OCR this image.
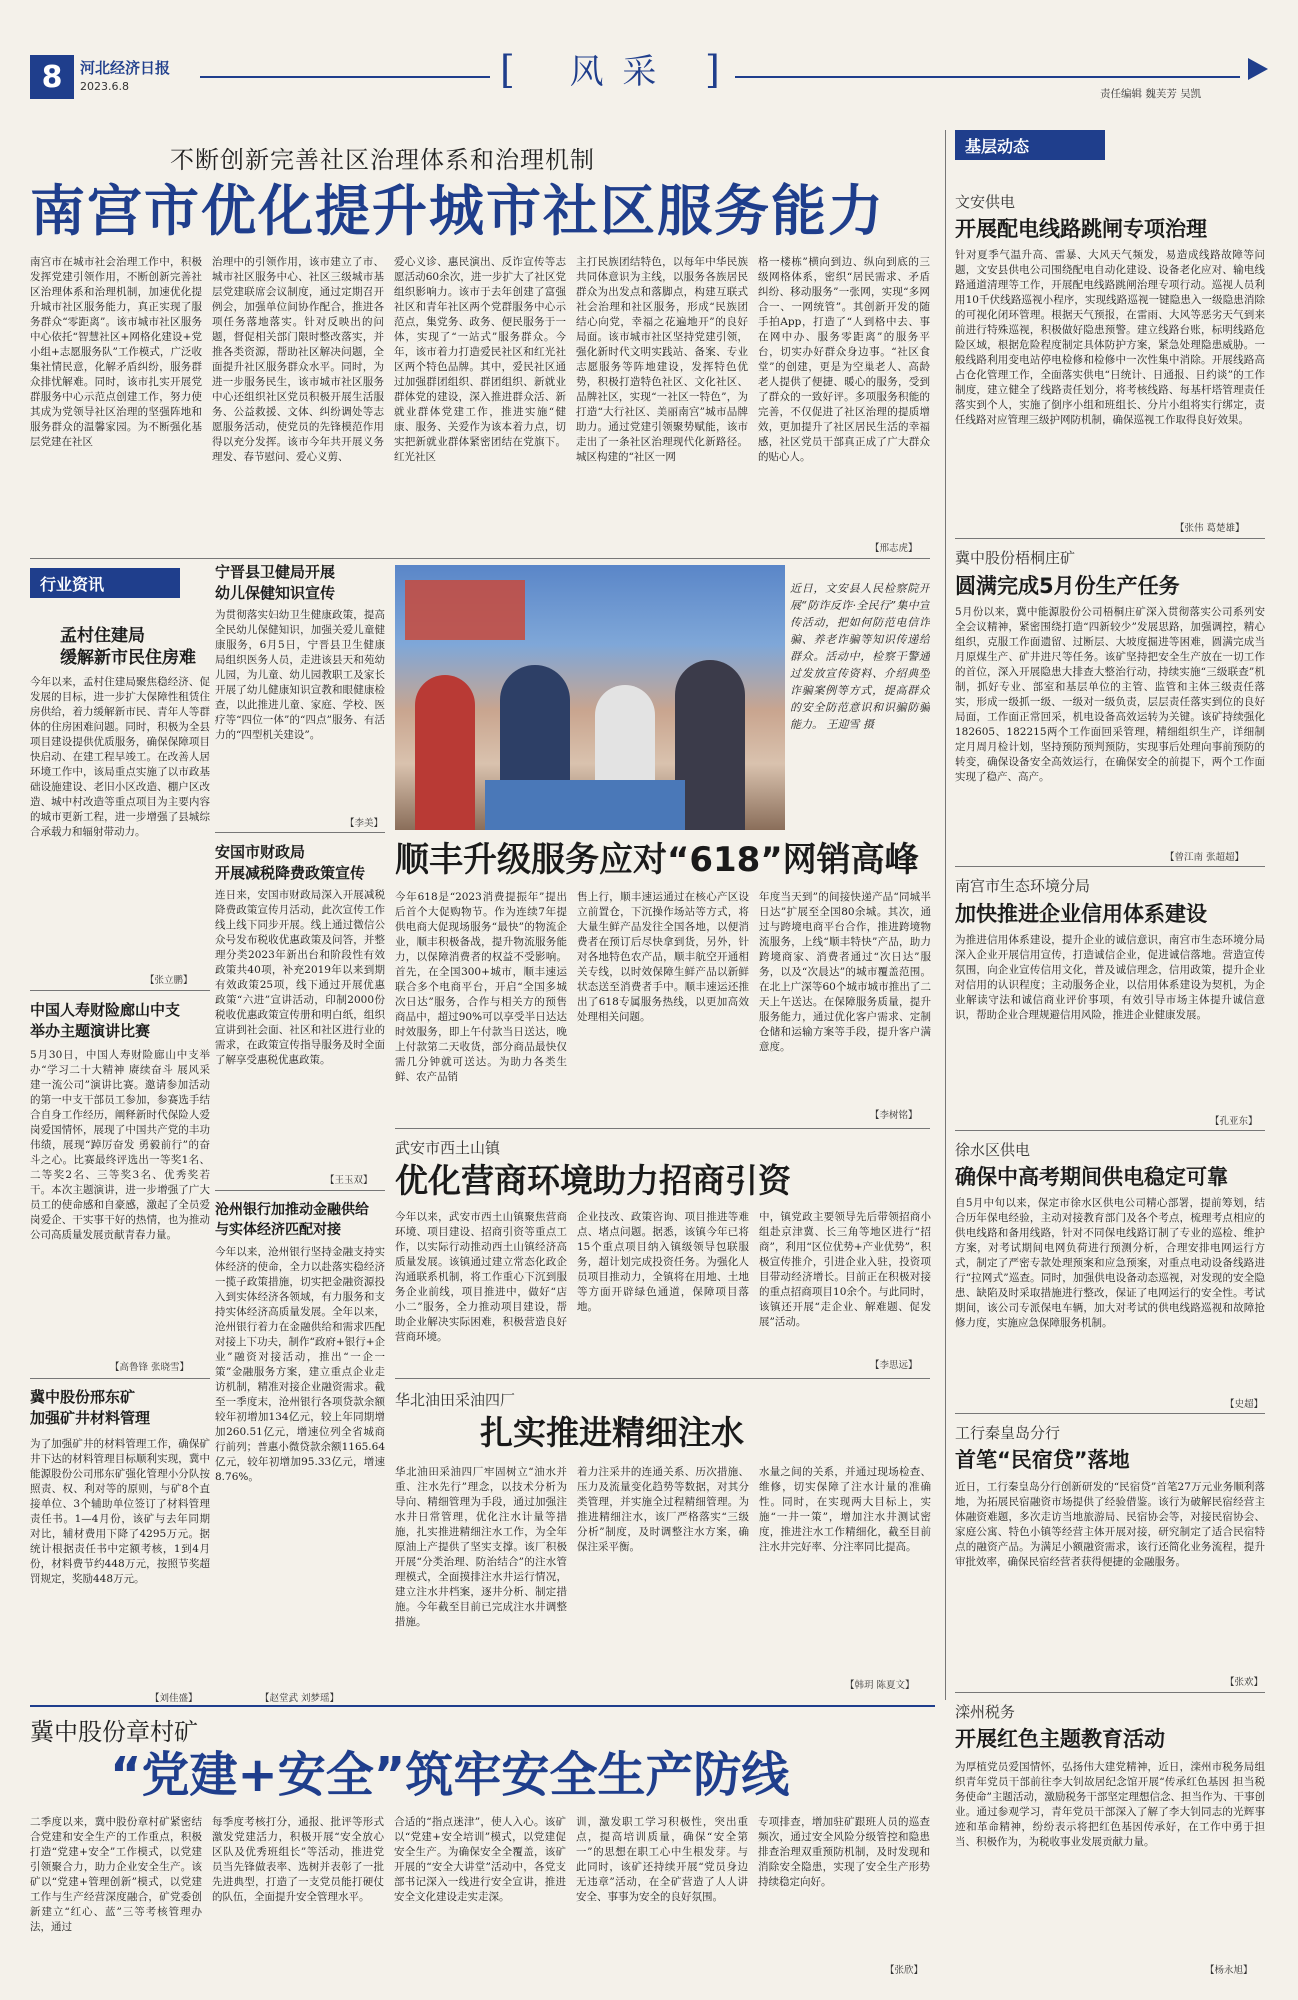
8	河北经济日报
2023.6.8	[	风 采	]
责任编辑 魏芙芳 吴凯
不断创新完善社区治理体系和治理机制
南宫市优化提升城市社区服务能力
南宫市在城市社会治理工作中，积极发挥党建引领作用，不断创新完善社区治理体系和治理机制，加速优化提升城市社区服务能力，真正实现了服务群众“零距离”。该市城市社区服务中心依托“智慧社区+网格化建设+党小组+志愿服务队”工作模式，广泛收集社情民意，化解矛盾纠纷，服务群众排忧解难。同时，该市扎实开展党群服务中心示范点创建工作，努力使其成为党领导社区治理的坚强阵地和服务群众的温馨家园。为不断强化基层党建在社区
治理中的引领作用，该市建立了市、城市社区服务中心、社区三级城市基层党建联席会议制度，通过定期召开例会，加强单位间协作配合，推进各项任务落地落实。针对反映出的问题，督促相关部门限时整改落实，并推各类资源，帮助社区解决问题，全面提升社区服务群众水平。同时，为进一步服务民生，该市城市社区服务中心还组织社区党员积极开展生活服务、公益救援、文体、纠纷调处等志愿服务活动，使党员的先锋模范作用得以充分发挥。该市今年共开展义务理发、春节慰问、爱心义剪、
爱心义诊、惠民演出、反诈宣传等志愿活动60余次，进一步扩大了社区党组织影响力。该市于去年创建了富强社区和青年社区两个党群服务中心示范点，集党务、政务、便民服务于一体，实现了“一站式”服务群众。今年，该市着力打造爱民社区和红光社区两个特色品牌。其中，爱民社区通过加强群团组织、群团组织、新就业群体党的建设，深入推进群众活、新就业群体党建工作，推进实施“健康、服务、关爱作为该本着力点，切实把新就业群体紧密团结在党旗下。红光社区
主打民族团结特色，以每年中华民族共同体意识为主线，以服务各族居民群众为出发点和落脚点，构建互联式社会治理和社区服务，形成“民族团结心向党，幸福之花遍地开”的良好局面。该市城市社区坚持党建引领，强化新时代文明实践站、备案、专业志愿服务等阵地建设，发挥特色优势，积极打造特色社区、文化社区、品牌社区，实现“一社区一特色”，为打造“大行社区、美丽南宫”城市品牌助力。通过党建引领聚势赋能，该市走出了一条社区治理现代化新路径。城区构建的“社区一网
格一楼栋”横向到边、纵向到底的三级网格体系，密织“居民需求、矛盾纠纷、移动服务”一张网，实现“多网合一、一网统管”。其创新开发的随手拍App，打造了“人到格中去、事在网中办、服务零距离”的服务平台，切实办好群众身边事。“社区食堂”的创建，更是为空巢老人、高龄老人提供了便捷、暖心的服务，受到了群众的一致好评。多项服务积能的完善，不仅促进了社区治理的提质增效，更加提升了社区居民生活的幸福感，社区党员干部真正成了广大群众的贴心人。
【邢志虎】
行业资讯
孟村住建局
缓解新市民住房难
今年以来，孟村住建局聚焦稳经济、促发展的目标，进一步扩大保障性租赁住房供给，着力缓解新市民、青年人等群体的住房困难问题。同时，积极为全县项目建设提供优质服务，确保保障项目快启动、在建工程早竣工。在改善人居环境工作中，该局重点实施了以市政基础设施建设、老旧小区改造、棚户区改造、城中村改造等重点项目为主要内容的城市更新工程，进一步增强了县城综合承载力和辐射带动力。
【张立鹏】
中国人寿财险廊山中支
举办主题演讲比赛
5月30日，中国人寿财险廊山中支举办“学习二十大精神 赓续奋斗 展风采 建一流公司”演讲比赛。邀请参加活动的第一中支干部员工参加，参赛选手结合自身工作经历，阐释新时代保险人爱岗爱国情怀，展现了中国共产党的丰功伟绩，展现“踔厉奋发 勇毅前行”的奋斗之心。比赛最终评选出一等奖1名、二等奖2名、三等奖3名、优秀奖若干。本次主题演讲，进一步增强了广大员工的使命感和自豪感，激起了全员爱岗爱企、干实事干好的热情，也为推动公司高质量发展贡献青春力量。
【高鲁锋 张晓雪】
冀中股份邢东矿
加强矿井材料管理
为了加强矿井的材料管理工作，确保矿井下达的材料管理目标顺利实现，冀中能源股份公司邢东矿强化管理小分队按照责、权、利对等的原则，与矿8个直接单位、3个辅助单位签订了材料管理责任书。1—4月份，该矿与去年同期对比，辅材费用下降了4295万元。据统计根据责任书中定额考核，1到4月份，材料费节约448万元，按照节奖超罚规定，奖励448万元。
【刘佳盛】
宁晋县卫健局开展
幼儿保健知识宣传
为贯彻落实妇幼卫生健康政策，提高全民幼儿保健知识，加强关爱儿童健康服务，6月5日，宁晋县卫生健康局组织医务人员，走进该县天和苑幼儿园，为儿童、幼儿园教职工及家长开展了幼儿健康知识宣教和眼健康检查，以此推进儿童、家庭、学校、医疗等“四位一体”的“四点”服务、有活力的“四型机关建设”。
【李美】
安国市财政局
开展减税降费政策宣传
连日来，安国市财政局深入开展减税降费政策宣传月活动，此次宣传工作线上线下同步开展。线上通过微信公众号发布税收优惠政策及问答，并整理分类2023年新出台和阶段性有效政策共40项，补充2019年以来到期有效政策25项，线下通过开展优惠政策“六进”宣讲活动，印制2000份税收优惠政策宣传册和明白纸，组织宣讲到社会面、社区和社区进行业的需求，在政策宣传指导服务及时全面了解享受惠税优惠政策。
【王玉双】
沧州银行加推动金融供给
与实体经济匹配对接
今年以来，沧州银行坚持金融支持实体经济的使命，全力以赴落实稳经济一揽子政策措施，切实把金融资源投入到实体经济各领域，有力服务和支持实体经济高质量发展。全年以来，沧州银行着力在金融供给和需求匹配对接上下功夫，制作“政府+银行+企业”融资对接活动，推出“一企一策”金融服务方案，建立重点企业走访机制，精准对接企业融资需求。截至一季度末，沧州银行各项贷款余额较年初增加134亿元，较上年同期增加260.51亿元，增速位列全省城商行前列；普惠小微贷款余额1165.64亿元，较年初增加95.33亿元，增速8.76%。
【赵堂武 刘梦瑶】
近日，文安县人民检察院开展“防诈反诈·全民行”集中宣传活动，把如何防范电信诈骗、养老诈骗等知识传递给群众。活动中，检察干警通过发放宣传资料、介绍典型诈骗案例等方式，提高群众的安全防范意识和识骗防骗能力。 王迎雪 摄
顺丰升级服务应对“618”网销高峰
今年618是“2023消费提振年”提出后首个大促购物节。作为连续7年提供电商大促现场服务“最快”的物流企业，顺丰积极备战，提升物流服务能力，以保障消费者的权益不受影响。首先，在全国300+城市，顺丰速运联合多个电商平台，开启“全国多城次日达”服务，合作与相关方的预售商品中，超过90%可以享受半日达达时效服务，即上午付款当日送达，晚上付款第二天收货，部分商品最快仅需几分钟就可送达。为助力各类生鲜、农产品销
售上行，顺丰速运通过在核心产区设立前置仓，下沉操作场站等方式，将大量生鲜产品发往全国各地，以便消费者在预订后尽快拿到货，另外，针对各地特色农产品，顺丰航空开通相关专线，以时效保障生鲜产品以新鲜状态送至消费者手中。顺丰速运还推出了618专属服务热线，以更加高效处理相关问题。
年度当天到”的间接快递产品“同城半日达”扩展至全国80余城。其次，通过与跨境电商平台合作，推进跨境物流服务，上线“顺丰特快”产品，助力跨境商家、消费者通过“次日达”服务，以及“次晨达”的城市覆盖范围。在北上广深等60个城市城市推出了二天上午送达。在保障服务质量，提升服务能力，通过优化客户需求、定制仓储和运输方案等手段，提升客户满意度。
【李树铭】
武安市西土山镇
优化营商环境助力招商引资
今年以来，武安市西土山镇聚焦营商环境、项目建设、招商引资等重点工作，以实际行动推动西土山镇经济高质量发展。该镇通过建立常态化政企沟通联系机制，将工作重心下沉到服务企业前线，项目推进中，做好“店小二”服务，全力推动项目建设，帮助企业解决实际困难，积极营造良好营商环境。
企业技改、政策咨询、项目推进等难点、堵点问题。据悉，该镇今年已将15个重点项目纳入镇级领导包联服务，超计划完成投资任务。为强化人员项目推动力，全镇将在用地、土地等方面开辟绿色通道，保障项目落地。
中，镇党政主要领导先后带领招商小组赴京津冀、长三角等地区进行“招商”，利用“区位优势+产业优势”，积极宣传推介，引进企业入驻，投资项目带动经济增长。目前正在积极对接的重点招商项目10余个。与此同时，该镇还开展“走企业、解难题、促发展”活动。
【李思远】
华北油田采油四厂
扎实推进精细注水
华北油田采油四厂牢固树立“油水并重、注水先行”理念，以技术分析为导向、精细管理为手段，通过加强注水井日常管理，优化注水计量等措施，扎实推进精细注水工作，为全年原油上产提供了坚实支撑。该厂积极开展“分类治理、防治结合”的注水管理模式，全面摸排注水井运行情况，建立注水井档案，逐井分析、制定措施。今年截至目前已完成注水井调整措施。
着力注采井的连通关系、历次措施、压力及流量变化趋势等数据，对其分类管理，并实施全过程精细管理。为推进精细注水，该厂严格落实“三级分析”制度，及时调整注水方案，确保注采平衡。
水量之间的关系，并通过现场检查、维修，切实保障了注水计量的准确性。同时，在实现两大目标上，实施“一井一策”，增加注水井测试密度，推进注水工作精细化，截至目前注水井完好率、分注率同比提高。
【韩玥 陈夏文】
冀中股份章村矿
“党建+安全”筑牢安全生产防线
二季度以来，冀中股份章村矿紧密结合党建和安全生产的工作重点，积极打造“党建+安全”工作模式，以党建引领聚合力，助力企业安全生产。该矿以“党建+管理创新”模式，以党建工作与生产经营深度融合，矿党委创新建立“红心、蓝”三等考核管理办法，通过
每季度考核打分，通报、批评等形式激发党建活力，积极开展“安全放心区队及优秀班组长”等活动，推进党员当先锋做表率、选树并表彰了一批先进典型，打造了一支党员能打硬仗的队伍，全面提升安全管理水平。
合适的“指点迷津”，使人入心。该矿以“党建+安全培训”模式，以党建促安全生产。为确保安全全覆盖，该矿开展的“安全大讲堂”活动中，各党支部书记深入一线进行安全宣讲，推进安全文化建设走实走深。
训，激发职工学习积极性，突出重点，提高培训质量，确保“安全第一”的思想在职工心中生根发芽。与此同时，该矿还持续开展“党员身边无违章”活动，在全矿营造了人人讲安全、事事为安全的良好氛围。
专项排查，增加驻矿跟班人员的巡查频次，通过安全风险分级管控和隐患排查治理双重预防机制，及时发现和消除安全隐患，实现了安全生产形势持续稳定向好。
【张欣】
基层动态
文安供电
开展配电线路跳闸专项治理
针对夏季气温升高、雷暴、大风天气频发，易造成线路故障等问题，文安县供电公司围绕配电自动化建设、设备老化应对、输电线路通道清理等工作，开展配电线路跳闸治理专项行动。巡视人员利用10千伏线路巡视小程序，实现线路巡视一键隐患入一级隐患消除的可视化闭环管理。根据天气预报，在雷雨、大风等恶劣天气到来前进行特殊巡视，积极做好隐患预警。建立线路台账，标明线路危险区域，根据危险程度制定具体防护方案，紧急处理隐患威胁。一般线路利用变电站停电检修和检修中一次性集中消除。开展线路高占仓化管理工作，全面落实供电“日统计、日通报、日约谈”的工作制度，建立健全了线路责任划分，将考核线路、每基杆塔管理责任落实到个人，实施了倒序小组和班组长、分片小组将实行绑定，责任线路对应管理三级护网防机制，确保巡视工作取得良好效果。
【张伟 葛楚雄】
冀中股份梧桐庄矿
圆满完成5月份生产任务
5月份以来，冀中能源股份公司梧桐庄矿深入贯彻落实公司系列安全会议精神，紧密围绕打造“四新较少”发展思路，加强调控，精心组织，克服工作面遗留、过断层、大坡度掘进等困难，圆满完成当月原煤生产、矿井进尺等任务。该矿坚持把安全生产放在一切工作的首位，深入开展隐患大排查大整治行动，持续实施“三级联查”机制，抓好专业、部室和基层单位的主管、监管和主体三级责任落实，形成一级抓一级、一级对一级负责，层层责任落实到位的良好局面，工作面正常回采，机电设备高效运转为关键。该矿持续强化182605、182215两个工作面回采管理，精细组织生产，详细制定月周月检计划，坚持预防预判预防，实现事后处理向事前预防的转变，确保设备安全高效运行，在确保安全的前提下，两个工作面实现了稳产、高产。
【曾江南 张超超】
南宫市生态环境分局
加快推进企业信用体系建设
为推进信用体系建设，提升企业的诚信意识，南宫市生态环境分局深入企业开展信用宣传，打造诚信企业，促进诚信落地。营造宣传氛围，向企业宣传信用文化，普及诚信理念，信用政策，提升企业对信用的认识程度；主动服务企业，以信用体系建设为契机，为企业解读守法和诚信商业评价事项，有效引导市场主体提升诚信意识，帮助企业合理规避信用风险，推进企业健康发展。
【孔亚东】
徐水区供电
确保中高考期间供电稳定可靠
自5月中旬以来，保定市徐水区供电公司精心部署，提前筹划，结合历年保电经验，主动对接教育部门及各个考点，梳理考点相应的供电线路和备用线路，针对不同保电线路订制了专业的巡检、维护方案，对考试期间电网负荷进行预测分析，合理安排电网运行方式，制定了严密专款处理预案和应急预案，对重点电动设备线路进行“拉网式”巡查。同时，加强供电设备动态巡视，对发现的安全隐患、缺陷及时采取措施进行整改，保证了电网运行的安全性。考试期间，该公司专派保电车辆，加大对考试的供电线路巡视和故障抢修力度，实施应急保障服务机制。
【史超】
工行秦皇岛分行
首笔“民宿贷”落地
近日，工行秦皇岛分行创新研发的“民宿贷”首笔27万元业务顺利落地，为拓展民宿融资市场提供了经验借鉴。该行为破解民宿经营主体融资难题，多次走访当地旅游局、民宿协会等，对接民宿协会、家庭公寓、特色小镇等经营主体开展对接，研究制定了适合民宿特点的融资产品。为满足小额融资需求，该行还简化业务流程，提升审批效率，确保民宿经营者获得便捷的金融服务。
【张欢】
滦州税务
开展红色主题教育活动
为厚植党员爱国情怀，弘扬伟大建党精神，近日，滦州市税务局组织青年党员干部前往李大钊故居纪念馆开展“传承红色基因 担当税务使命”主题活动，激励税务干部坚定理想信念、担当作为、干事创业。通过参观学习，青年党员干部深入了解了李大钊同志的光辉事迹和革命精神，纷纷表示将把红色基因传承好，在工作中勇于担当、积极作为，为税收事业发展贡献力量。
【杨永旭】
